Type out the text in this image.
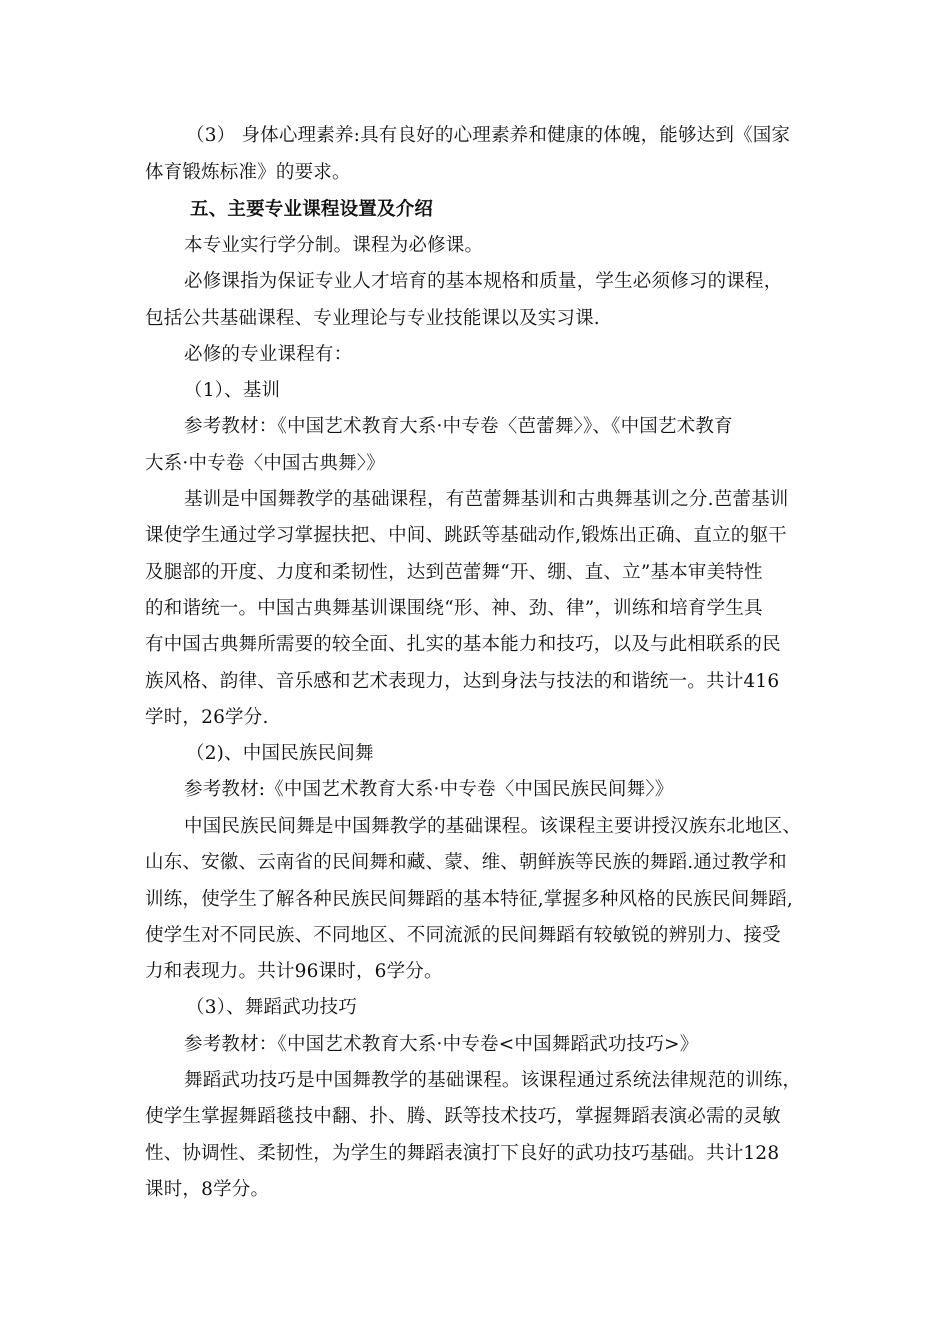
（3） 身体心理素养:具有良好的心理素养和健康的体魄，能够达到《国家
体育锻炼标准》的要求。
五、主要专业课程设置及介绍
本专业实行学分制。课程为必修课。
必修课指为保证专业人才培育的基本规格和质量，学生必须修习的课程，
包括公共基础课程、专业理论与专业技能课以及实习课.
必修的专业课程有：
（1）、基训
参考教材：《中国艺术教育大系·中专卷〈芭蕾舞〉》、《中国艺术教育
大系·中专卷〈中国古典舞〉》
基训是中国舞教学的基础课程，有芭蕾舞基训和古典舞基训之分.芭蕾基训
课使学生通过学习掌握扶把、中间、跳跃等基础动作,锻炼出正确、直立的躯干
及腿部的开度、力度和柔韧性，达到芭蕾舞“开、绷、直、立”基本审美特性
的和谐统一。中国古典舞基训课围绕“形、神、劲、律”，训练和培育学生具
有中国古典舞所需要的较全面、扎实的基本能力和技巧，以及与此相联系的民
族风格、韵律、音乐感和艺术表现力，达到身法与技法的和谐统一。共计416
学时，26学分.
（2)、中国民族民间舞
参考教材:《中国艺术教育大系·中专卷〈中国民族民间舞〉》
中国民族民间舞是中国舞教学的基础课程。该课程主要讲授汉族东北地区、
山东、安徽、云南省的民间舞和藏、蒙、维、朝鲜族等民族的舞蹈.通过教学和
训练，使学生了解各种民族民间舞蹈的基本特征,掌握多种风格的民族民间舞蹈,
使学生对不同民族、不同地区、不同流派的民间舞蹈有较敏锐的辨别力、接受
力和表现力。共计96课时，6学分。
（3）、舞蹈武功技巧
参考教材：《中国艺术教育大系·中专卷<中国舞蹈武功技巧>》
舞蹈武功技巧是中国舞教学的基础课程。该课程通过系统法律规范的训练，
使学生掌握舞蹈毯技中翻、扑、腾、跃等技术技巧，掌握舞蹈表演必需的灵敏
性、协调性、柔韧性，为学生的舞蹈表演打下良好的武功技巧基础。共计128
课时，8学分。
